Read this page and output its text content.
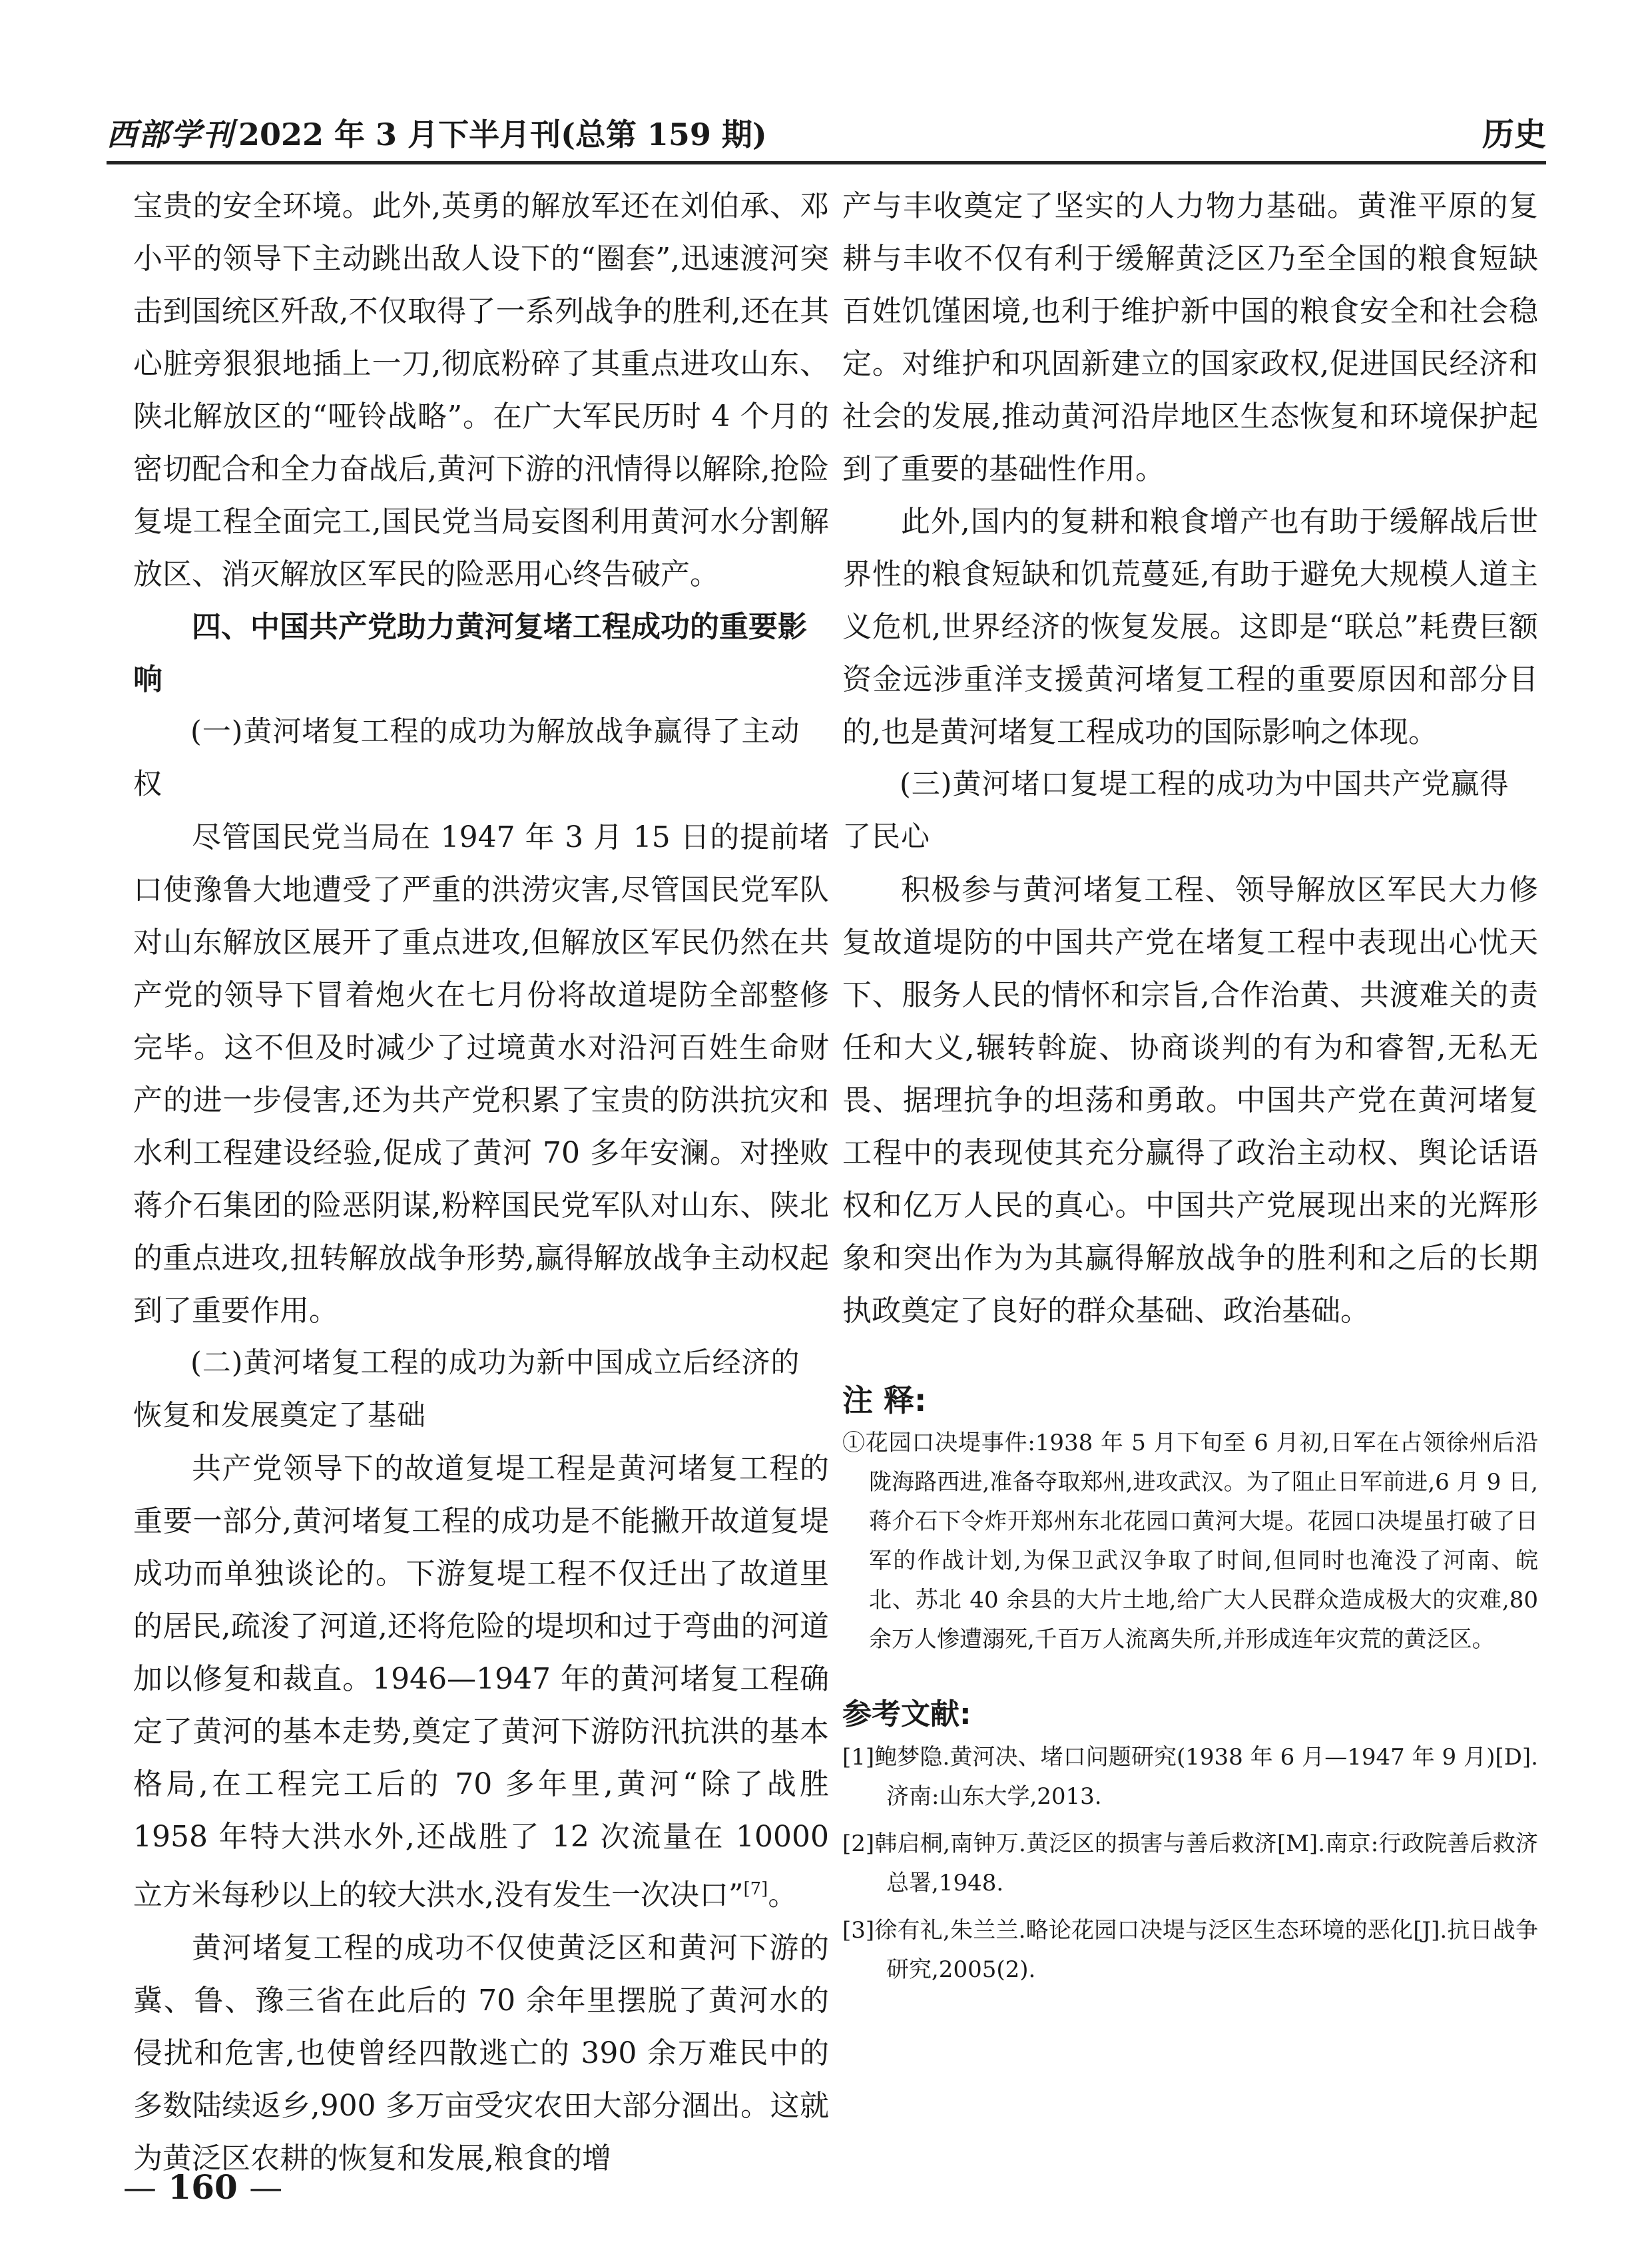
西部学刊 2022 年 3 月下半月刊(总第 159 期)	历史

宝贵的安全环境。此外,英勇的解放军还在刘伯承、邓小平的领导下主动跳出敌人设下的“圈套”,迅速渡河突击到国统区歼敌,不仅取得了一系列战争的胜利,还在其心脏旁狠狠地插上一刀,彻底粉碎了其重点进攻山东、陕北解放区的“哑铃战略”。在广大军民历时 4 个月的密切配合和全力奋战后,黄河下游的汛情得以解除,抢险复堤工程全面完工,国民党当局妄图利用黄河水分割解放区、消灭解放区军民的险恶用心终告破产。

四、中国共产党助力黄河复堵工程成功的重要影响
(一)黄河堵复工程的成功为解放战争赢得了主动权

尽管国民党当局在 1947 年 3 月 15 日的提前堵口使豫鲁大地遭受了严重的洪涝灾害,尽管国民党军队对山东解放区展开了重点进攻,但解放区军民仍然在共产党的领导下冒着炮火在七月份将故道堤防全部整修完毕。这不但及时减少了过境黄水对沿河百姓生命财产的进一步侵害,还为共产党积累了宝贵的防洪抗灾和水利工程建设经验,促成了黄河 70 多年安澜。对挫败蒋介石集团的险恶阴谋,粉粹国民党军队对山东、陕北的重点进攻,扭转解放战争形势,赢得解放战争主动权起到了重要作用。

(二)黄河堵复工程的成功为新中国成立后经济的恢复和发展奠定了基础

共产党领导下的故道复堤工程是黄河堵复工程的重要一部分,黄河堵复工程的成功是不能撇开故道复堤成功而单独谈论的。下游复堤工程不仅迁出了故道里的居民,疏浚了河道,还将危险的堤坝和过于弯曲的河道加以修复和裁直。1946—1947 年的黄河堵复工程确定了黄河的基本走势,奠定了黄河下游防汛抗洪的基本格局,在工程完工后的 70 多年里,黄河“除了战胜 1958 年特大洪水外,还战胜了 12 次流量在 10000 立方米每秒以上的较大洪水,没有发生一次决口”[7]。

黄河堵复工程的成功不仅使黄泛区和黄河下游的冀、鲁、豫三省在此后的 70 余年里摆脱了黄河水的侵扰和危害,也使曾经四散逃亡的 390 余万难民中的多数陆续返乡,900 多万亩受灾农田大部分涸出。这就为黄泛区农耕的恢复和发展,粮食的增

产与丰收奠定了坚实的人力物力基础。黄淮平原的复耕与丰收不仅有利于缓解黄泛区乃至全国的粮食短缺百姓饥馑困境,也利于维护新中国的粮食安全和社会稳定。对维护和巩固新建立的国家政权,促进国民经济和社会的发展,推动黄河沿岸地区生态恢复和环境保护起到了重要的基础性作用。

此外,国内的复耕和粮食增产也有助于缓解战后世界性的粮食短缺和饥荒蔓延,有助于避免大规模人道主义危机,世界经济的恢复发展。这即是“联总”耗费巨额资金远涉重洋支援黄河堵复工程的重要原因和部分目的,也是黄河堵复工程成功的国际影响之体现。

(三)黄河堵口复堤工程的成功为中国共产党赢得了民心

积极参与黄河堵复工程、领导解放区军民大力修复故道堤防的中国共产党在堵复工程中表现出心忧天下、服务人民的情怀和宗旨,合作治黄、共渡难关的责任和大义,辗转斡旋、协商谈判的有为和睿智,无私无畏、据理抗争的坦荡和勇敢。中国共产党在黄河堵复工程中的表现使其充分赢得了政治主动权、舆论话语权和亿万人民的真心。中国共产党展现出来的光辉形象和突出作为为其赢得解放战争的胜利和之后的长期执政奠定了良好的群众基础、政治基础。

注 释:
①花园口决堤事件:1938 年 5 月下旬至 6 月初,日军在占领徐州后沿陇海路西进,准备夺取郑州,进攻武汉。为了阻止日军前进,6 月 9 日,蒋介石下令炸开郑州东北花园口黄河大堤。花园口决堤虽打破了日军的作战计划,为保卫武汉争取了时间,但同时也淹没了河南、皖北、苏北 40 余县的大片土地,给广大人民群众造成极大的灾难,80 余万人惨遭溺死,千百万人流离失所,并形成连年灾荒的黄泛区。
参考文献:
[1]鲍梦隐.黄河决、堵口问题研究(1938 年 6 月—1947 年 9 月)[D].济南:山东大学,2013.
[2]韩启桐,南钟万.黄泛区的损害与善后救济[M].南京:行政院善后救济总署,1948.
[3]徐有礼,朱兰兰.略论花园口决堤与泛区生态环境的恶化[J].抗日战争研究,2005(2).
— 160 —
